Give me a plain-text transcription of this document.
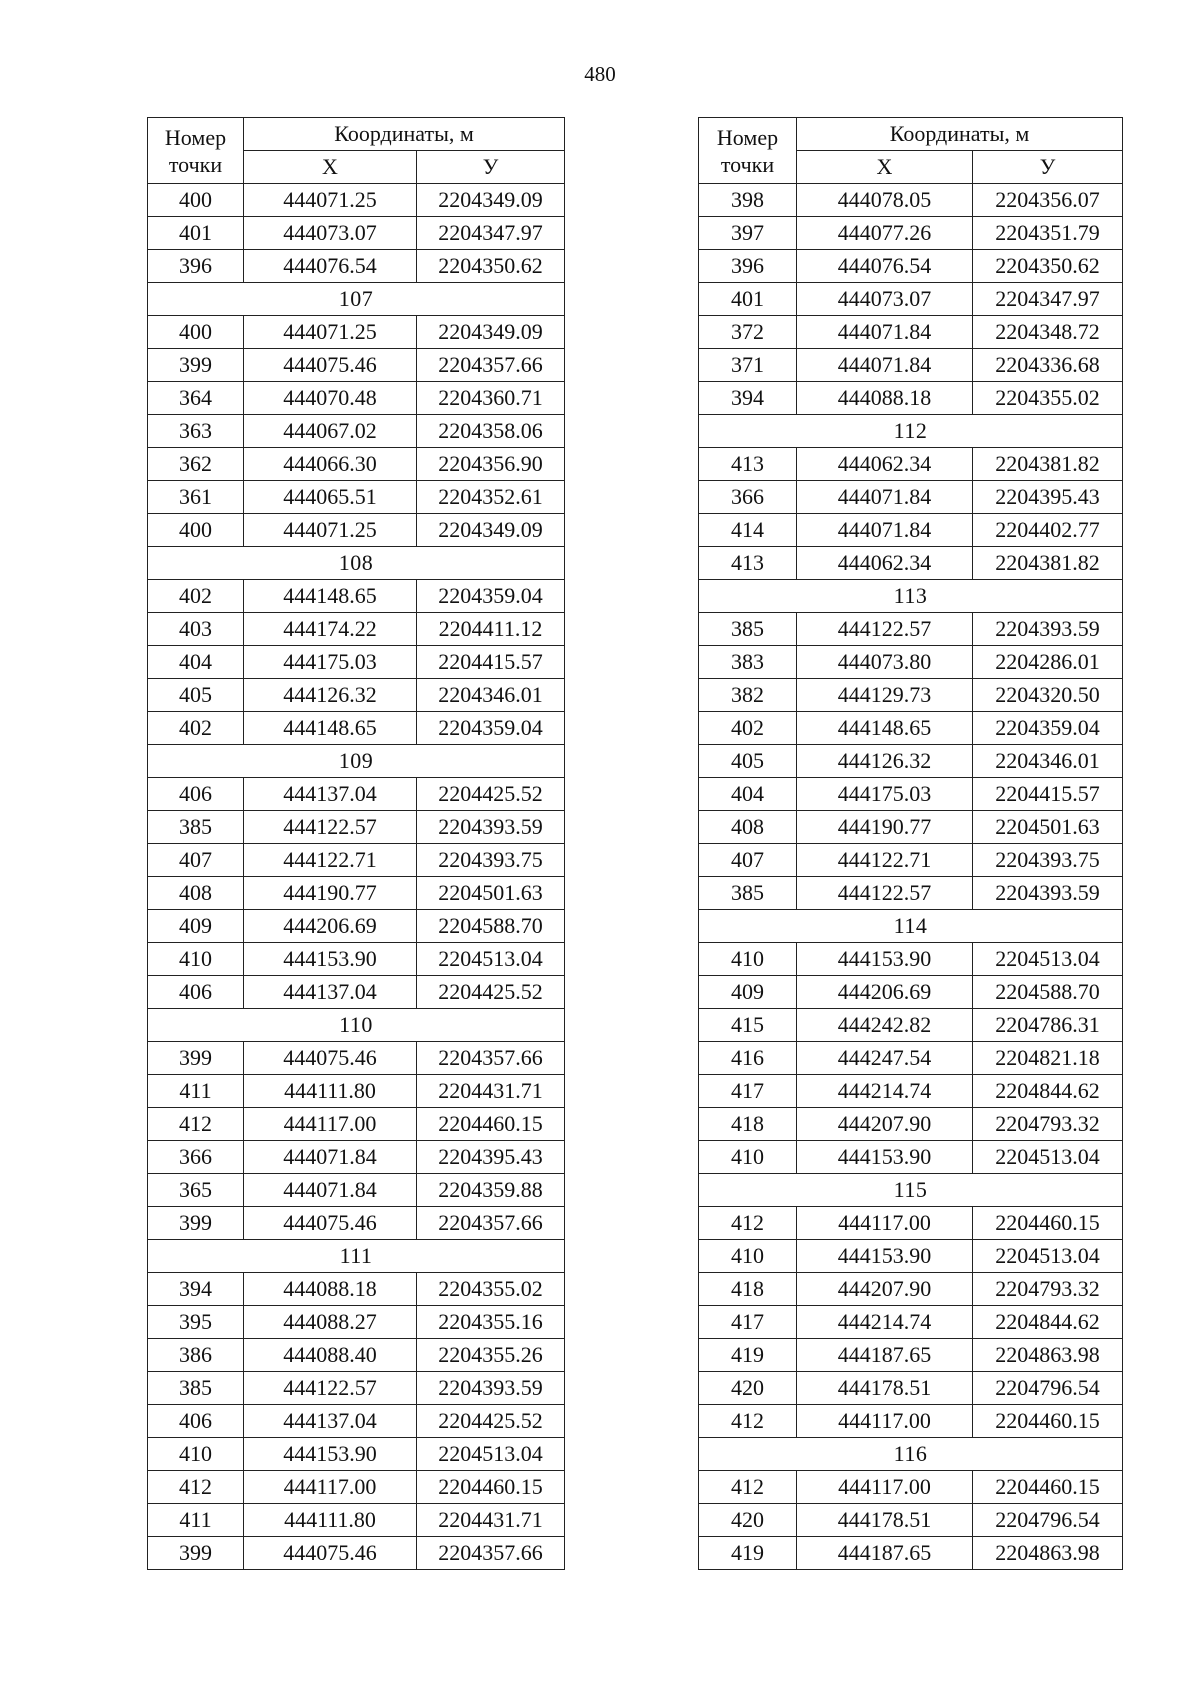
480
Номер
точки	Координаты, м	
	X	У
400	444071.25	2204349.09
401	444073.07	2204347.97
396	444076.54	2204350.62
107		
400	444071.25	2204349.09
399	444075.46	2204357.66
364	444070.48	2204360.71
363	444067.02	2204358.06
362	444066.30	2204356.90
361	444065.51	2204352.61
400	444071.25	2204349.09
108		
402	444148.65	2204359.04
403	444174.22	2204411.12
404	444175.03	2204415.57
405	444126.32	2204346.01
402	444148.65	2204359.04
109		
406	444137.04	2204425.52
385	444122.57	2204393.59
407	444122.71	2204393.75
408	444190.77	2204501.63
409	444206.69	2204588.70
410	444153.90	2204513.04
406	444137.04	2204425.52
110		
399	444075.46	2204357.66
411	444111.80	2204431.71
412	444117.00	2204460.15
366	444071.84	2204395.43
365	444071.84	2204359.88
399	444075.46	2204357.66
111		
394	444088.18	2204355.02
395	444088.27	2204355.16
386	444088.40	2204355.26
385	444122.57	2204393.59
406	444137.04	2204425.52
410	444153.90	2204513.04
412	444117.00	2204460.15
411	444111.80	2204431.71
399	444075.46	2204357.66
Номер
точки	Координаты, м	
	X	У
398	444078.05	2204356.07
397	444077.26	2204351.79
396	444076.54	2204350.62
401	444073.07	2204347.97
372	444071.84	2204348.72
371	444071.84	2204336.68
394	444088.18	2204355.02
112		
413	444062.34	2204381.82
366	444071.84	2204395.43
414	444071.84	2204402.77
413	444062.34	2204381.82
113		
385	444122.57	2204393.59
383	444073.80	2204286.01
382	444129.73	2204320.50
402	444148.65	2204359.04
405	444126.32	2204346.01
404	444175.03	2204415.57
408	444190.77	2204501.63
407	444122.71	2204393.75
385	444122.57	2204393.59
114		
410	444153.90	2204513.04
409	444206.69	2204588.70
415	444242.82	2204786.31
416	444247.54	2204821.18
417	444214.74	2204844.62
418	444207.90	2204793.32
410	444153.90	2204513.04
115		
412	444117.00	2204460.15
410	444153.90	2204513.04
418	444207.90	2204793.32
417	444214.74	2204844.62
419	444187.65	2204863.98
420	444178.51	2204796.54
412	444117.00	2204460.15
116		
412	444117.00	2204460.15
420	444178.51	2204796.54
419	444187.65	2204863.98
